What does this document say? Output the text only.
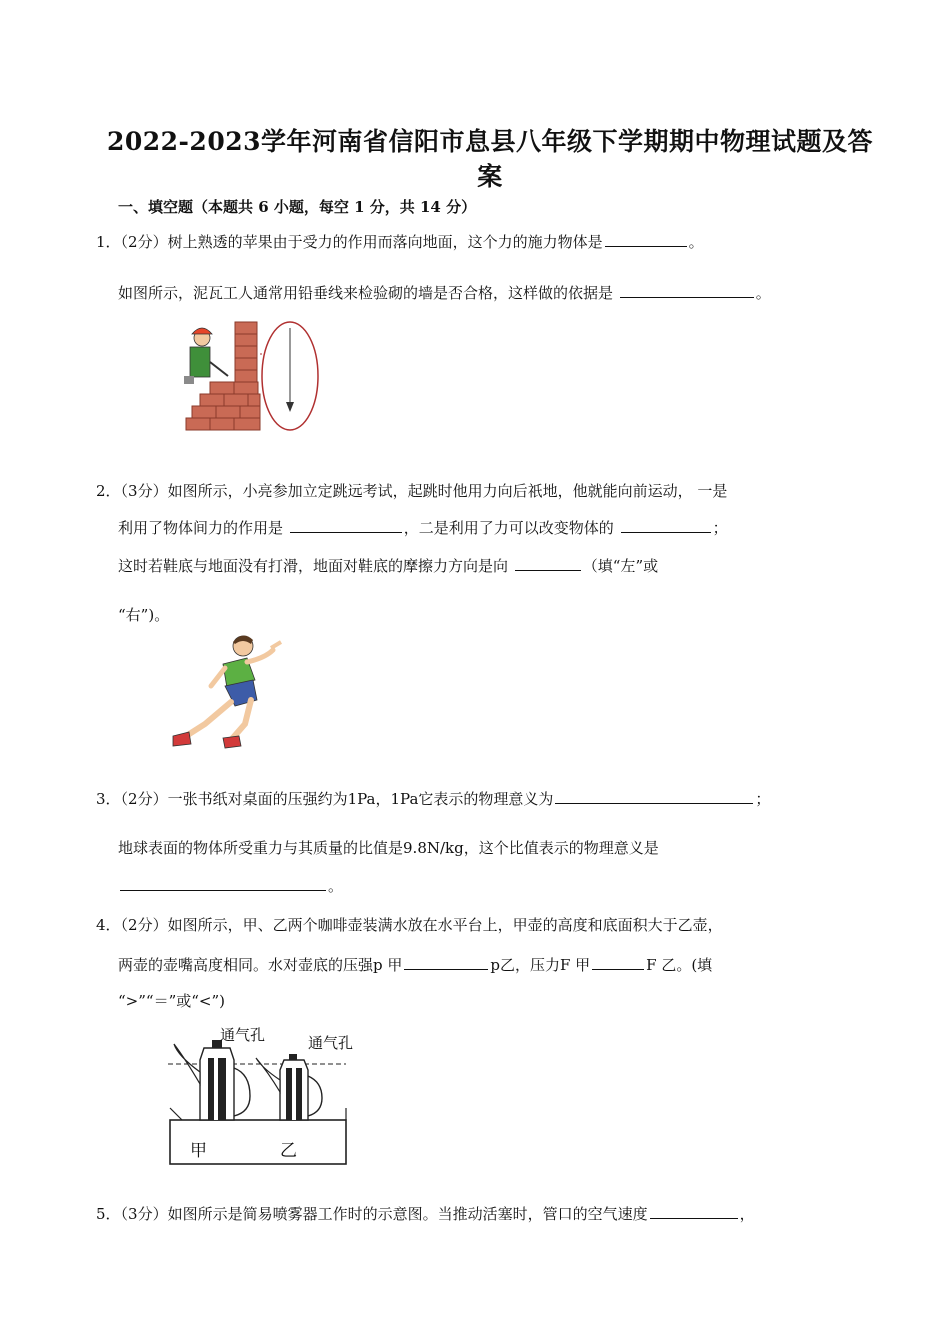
2022-2023学年河南省信阳市息县八年级下学期期中物理试题及答
案
一、填空题（本题共 6 小题，每空 1 分，共 14 分）
1．（2分）树上熟透的苹果由于受力的作用而落向地面，这个力的施力物体是	。
如图所示，泥瓦工人通常用铅垂线来检验砌的墙是否合格，这样做的依据是	。
2．（3分）如图所示，小亮参加立定跳远考试，起跳时他用力向后祇地，他就能向前运动， 一是
利用了物体间力的作用是	，二是利用了力可以改变物体的	；
这时若鞋底与地面没有打滑，地面对鞋底的摩擦力方向是向	（填“左”或
“右”)。
3．（2分）一张书纸对桌面的压强约为1Pa，1Pa它表示的物理意义为	；
地球表面的物体所受重力与其质量的比值是9.8N/kg，这个比值表示的物理意义是
。
4．（2分）如图所示，甲、乙两个咖啡壶装满水放在水平台上，甲壶的高度和底面积大于乙壶，
两壶的壶嘴高度相同。水对壶底的压强p 甲	p乙，压力F 甲	F 乙。(填
“>”“＝”或“<”)
通气孔	通气孔
甲	乙
5．（3分）如图所示是简易喷雾器工作时的示意图。当推动活塞时，管口的空气速度	，
